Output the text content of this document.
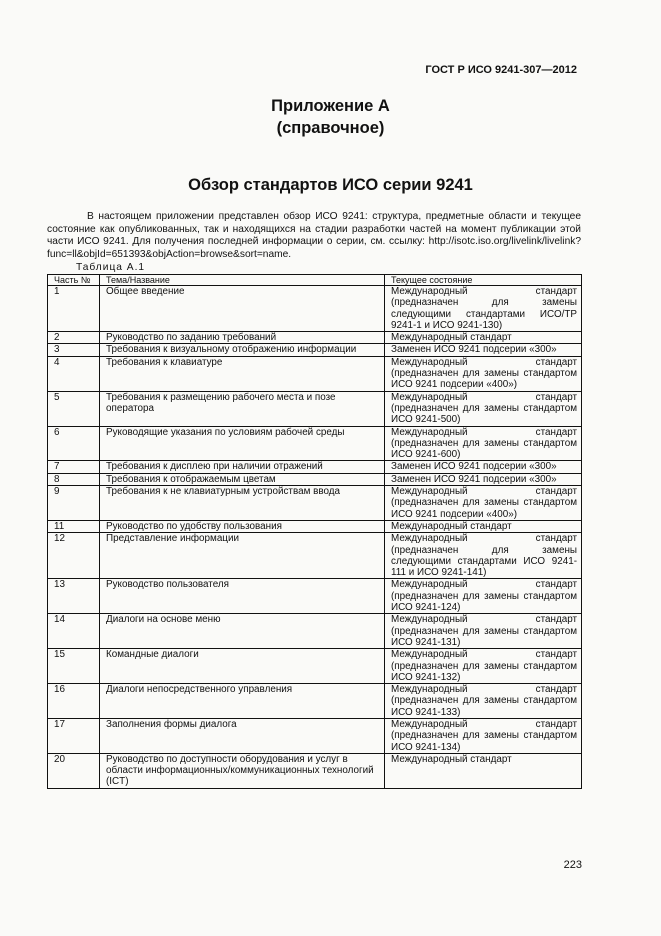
ГОСТ Р ИСО 9241-307—2012
Приложение А
(справочное)
Обзор стандартов ИСО серии 9241

В настоящем приложении представлен обзор ИСО 9241: структура, предметные области и текущее состояние как опубликованных, так и находящихся на стадии разработки частей на момент публикации этой части ИСО 9241. Для получения последней информации о серии, см. ссылку: http://isotc.iso.org/livelink/livelink?func=ll&objId=651393&objAction=browse&sort=name.

Таблица А.1
Часть №	Тема/Название	Текущее состояние
1	Общее введение	Международный стандарт (предназначен для замены следующими стандартами ИСО/TP 9241-1 и ИСО 9241-130)
2	Руководство по заданию требований	Международный стандарт
3	Требования к визуальному отображению информации	Заменен ИСО 9241 подсерии «300»
4	Требования к клавиатуре	Международный стандарт (предназначен для замены стандартом ИСО 9241 подсерии «400»)
5	Требования к размещению рабочего места и позе оператора	Международный стандарт (предназначен для замены стандартом ИСО 9241-500)
6	Руководящие указания по условиям рабочей среды	Международный стандарт (предназначен для замены стандартом ИСО 9241-600)
7	Требования к дисплею при наличии отражений	Заменен ИСО 9241 подсерии «300»
8	Требования к отображаемым цветам	Заменен ИСО 9241 подсерии «300»
9	Требования к не клавиатурным устройствам ввода	Международный стандарт (предназначен для замены стандартом ИСО 9241 подсерии «400»)
11	Руководство по удобству пользования	Международный стандарт
12	Представление информации	Международный стандарт (предназначен для замены следующими стандартами ИСО 9241-111 и ИСО 9241-141)
13	Руководство пользователя	Международный стандарт (предназначен для замены стандартом ИСО 9241-124)
14	Диалоги на основе меню	Международный стандарт (предназначен для замены стандартом ИСО 9241-131)
15	Командные диалоги	Международный стандарт (предназначен для замены стандартом ИСО 9241-132)
16	Диалоги непосредственного управления	Международный стандарт (предназначен для замены стандартом ИСО 9241-133)
17	Заполнения формы диалога	Международный стандарт (предназначен для замены стандартом ИСО 9241-134)
20	Руководство по доступности оборудования и услуг в области информационных/коммуникационных технологий (ICT)	Международный стандарт
223
